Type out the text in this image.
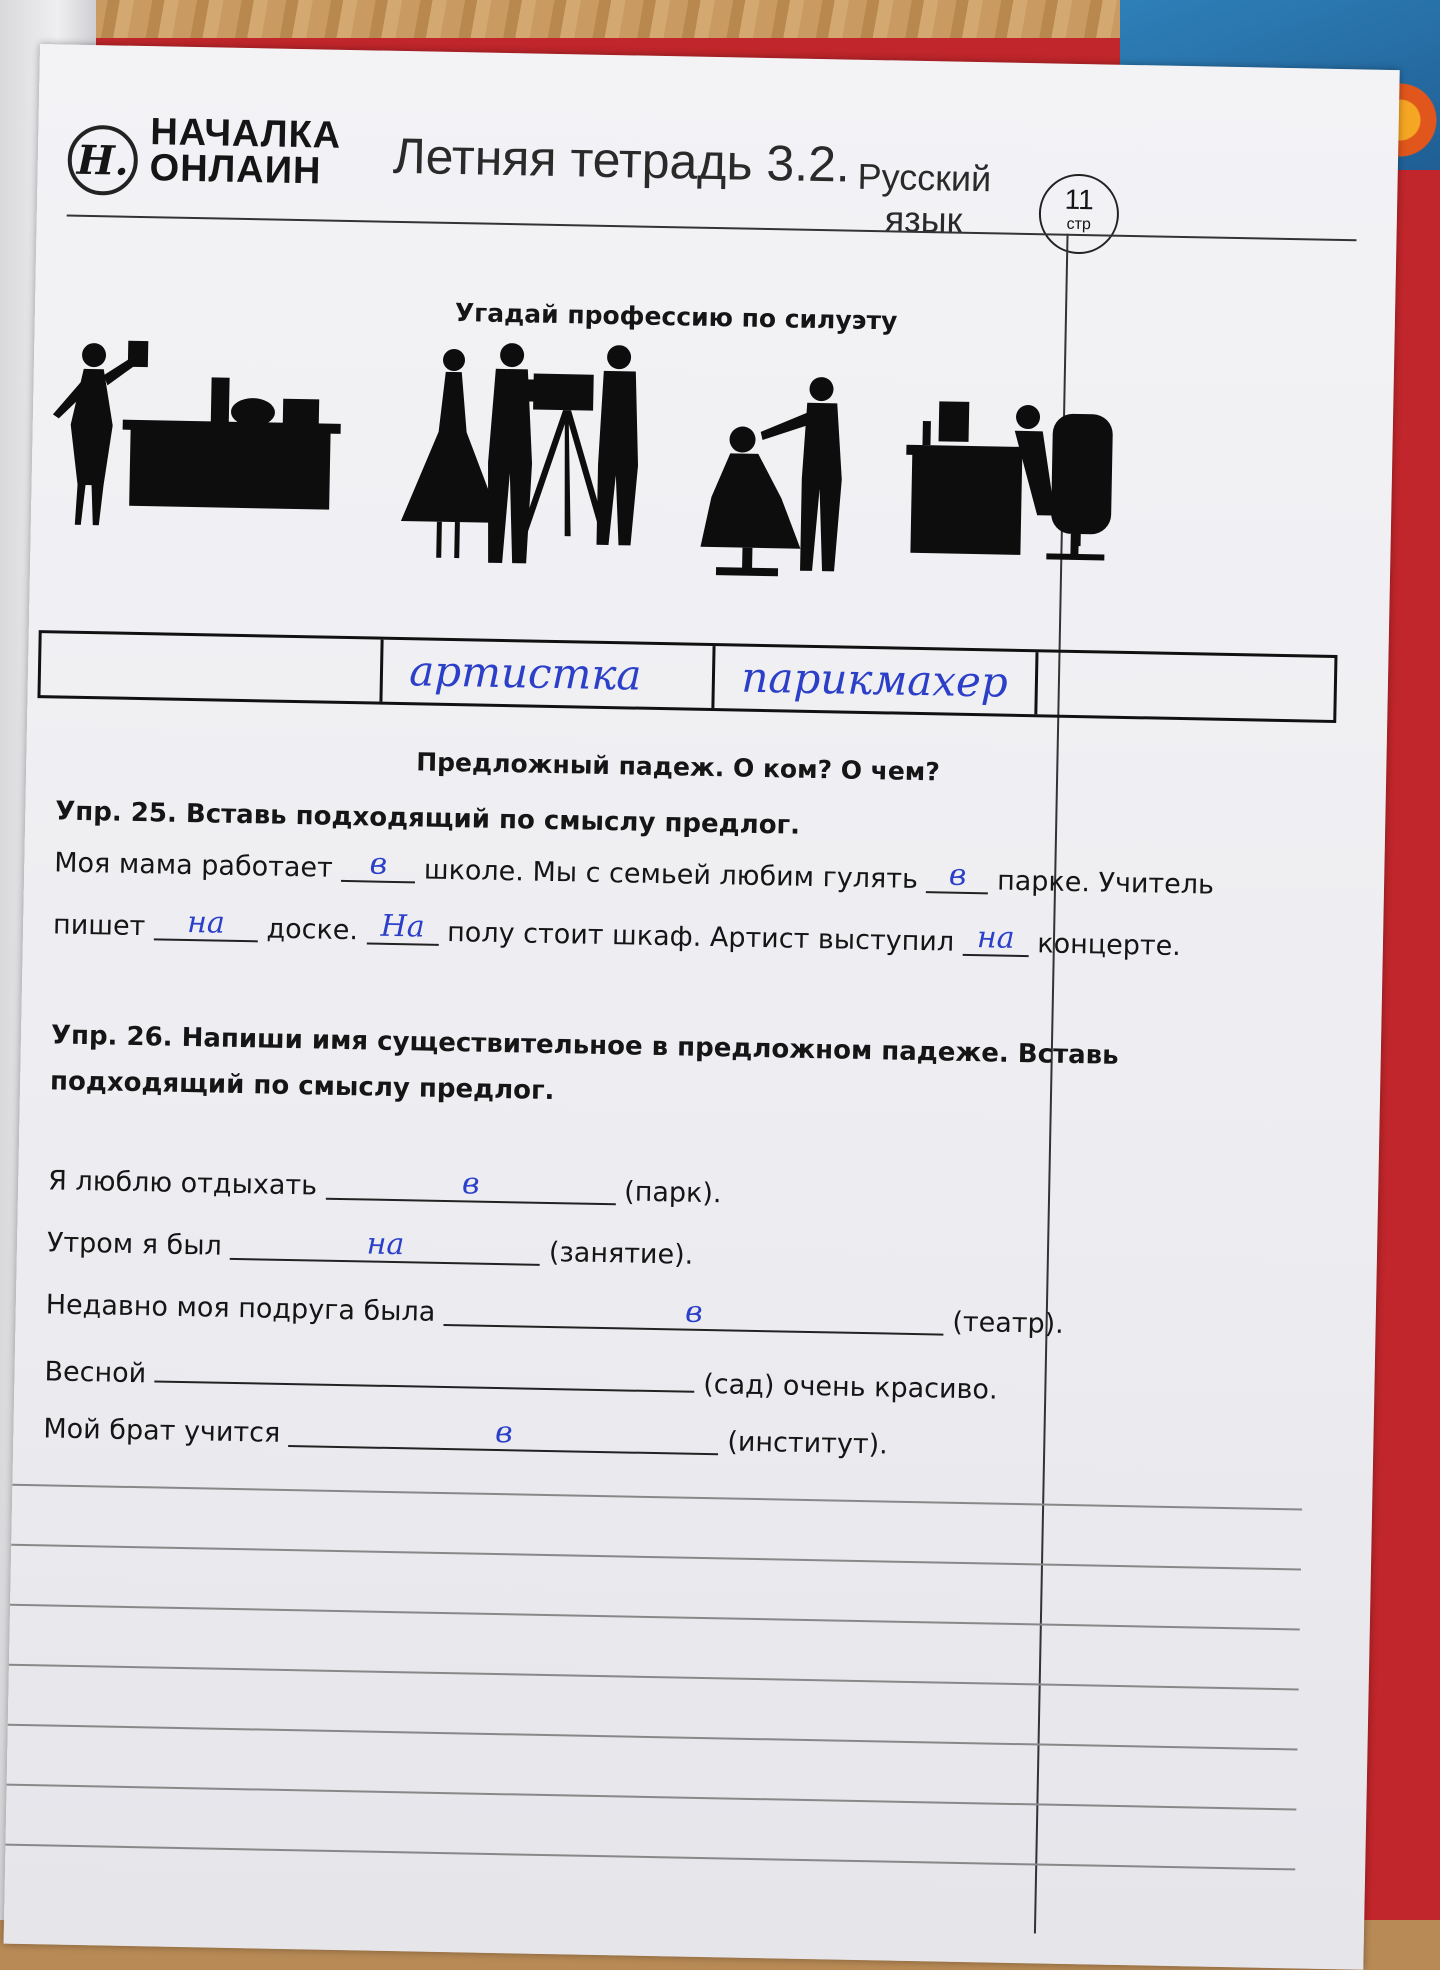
Н.
НАЧАЛКА
ОНЛАИН	Летняя тетрадь 3.2. Русский
язык	11
стр
Угадай профессию по силуэту
артистка парикмахер
Предложный падеж. О ком? О чем?
Упр. 25. Вставь подходящий по смыслу предлог.
Моя мама работает в школе. Мы с семьей любим гулять в парке. Учитель
пишет на доске. На полу стоит шкаф. Артист выступил на концерте.
Упр. 26. Напиши имя существительное в предложном падеже. Вставь
подходящий по смыслу предлог.
Я люблю отдыхать	в	(парк).
Утром я был	на	(занятие).
Недавно моя подруга была	в	(театр).
Весной	(сад) очень красиво.
Мой брат учится	в	(институт).
